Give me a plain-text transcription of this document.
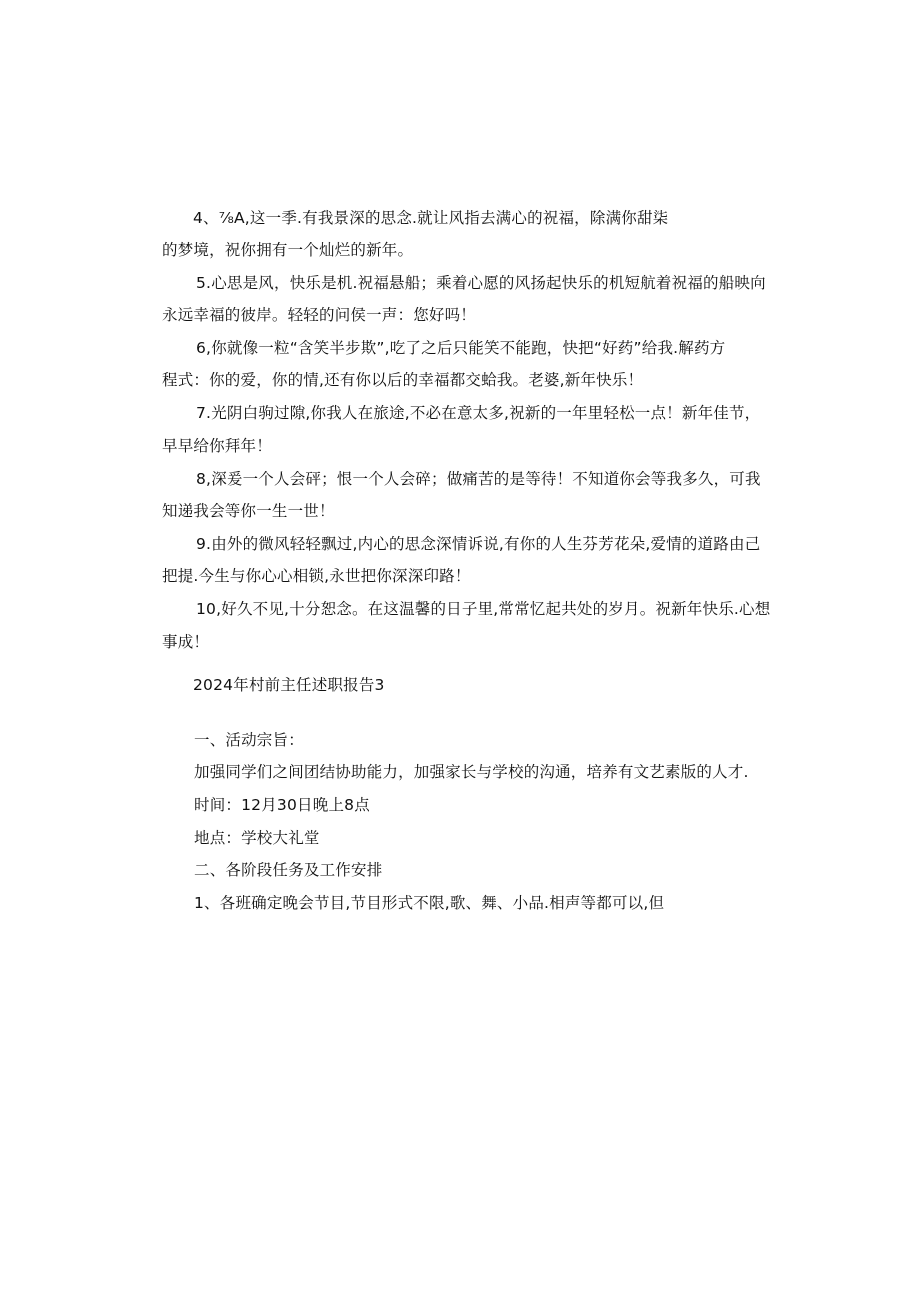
4、⅞A,这一季.有我景深的思念.就让风指去满心的祝福，除满你甜柒
的梦境，祝你拥有一个灿烂的新年。
5.心思是风，快乐是机.祝福悬船；乘着心愿的风扬起快乐的机短航着祝福的船映向
永远幸福的彼岸。轻轻的问侯一声：您好吗！
6,你就像一粒“含笑半步欺”,吃了之后只能笑不能跑，快把“好药”给我.解药方
程式：你的爱，你的情,还有你以后的幸福都交蛤我。老婆,新年快乐！
7.光阴白驹过隙,你我人在旅途,不必在意太多,祝新的一年里轻松一点！新年佳节，
早早给你拜年！
8,深爰一个人会砰；恨一个人会碎；做痛苦的是等待！不知道你会等我多久，可我
知递我会等你一生一世！
9.由外的微风轻轻飘过,内心的思念深情诉说,有你的人生芬芳花朵,爱情的道路由己
把提.今生与你心心相锁,永世把你深深印路！
10,好久不见,十分恕念。在这温馨的日子里,常常忆起共处的岁月。祝新年快乐.心想
事成！
2024年村前主任述职报告3
一、活动宗旨：
加强同学们之间团结协助能力，加强家长与学校的沟通，培养有文艺素版的人才.
时间：12月30日晚上8点
地点：学校大礼堂
二、各阶段任务及工作安排
1、各班确定晚会节目,节目形式不限,歌、舞、小品.相声等都可以,但
